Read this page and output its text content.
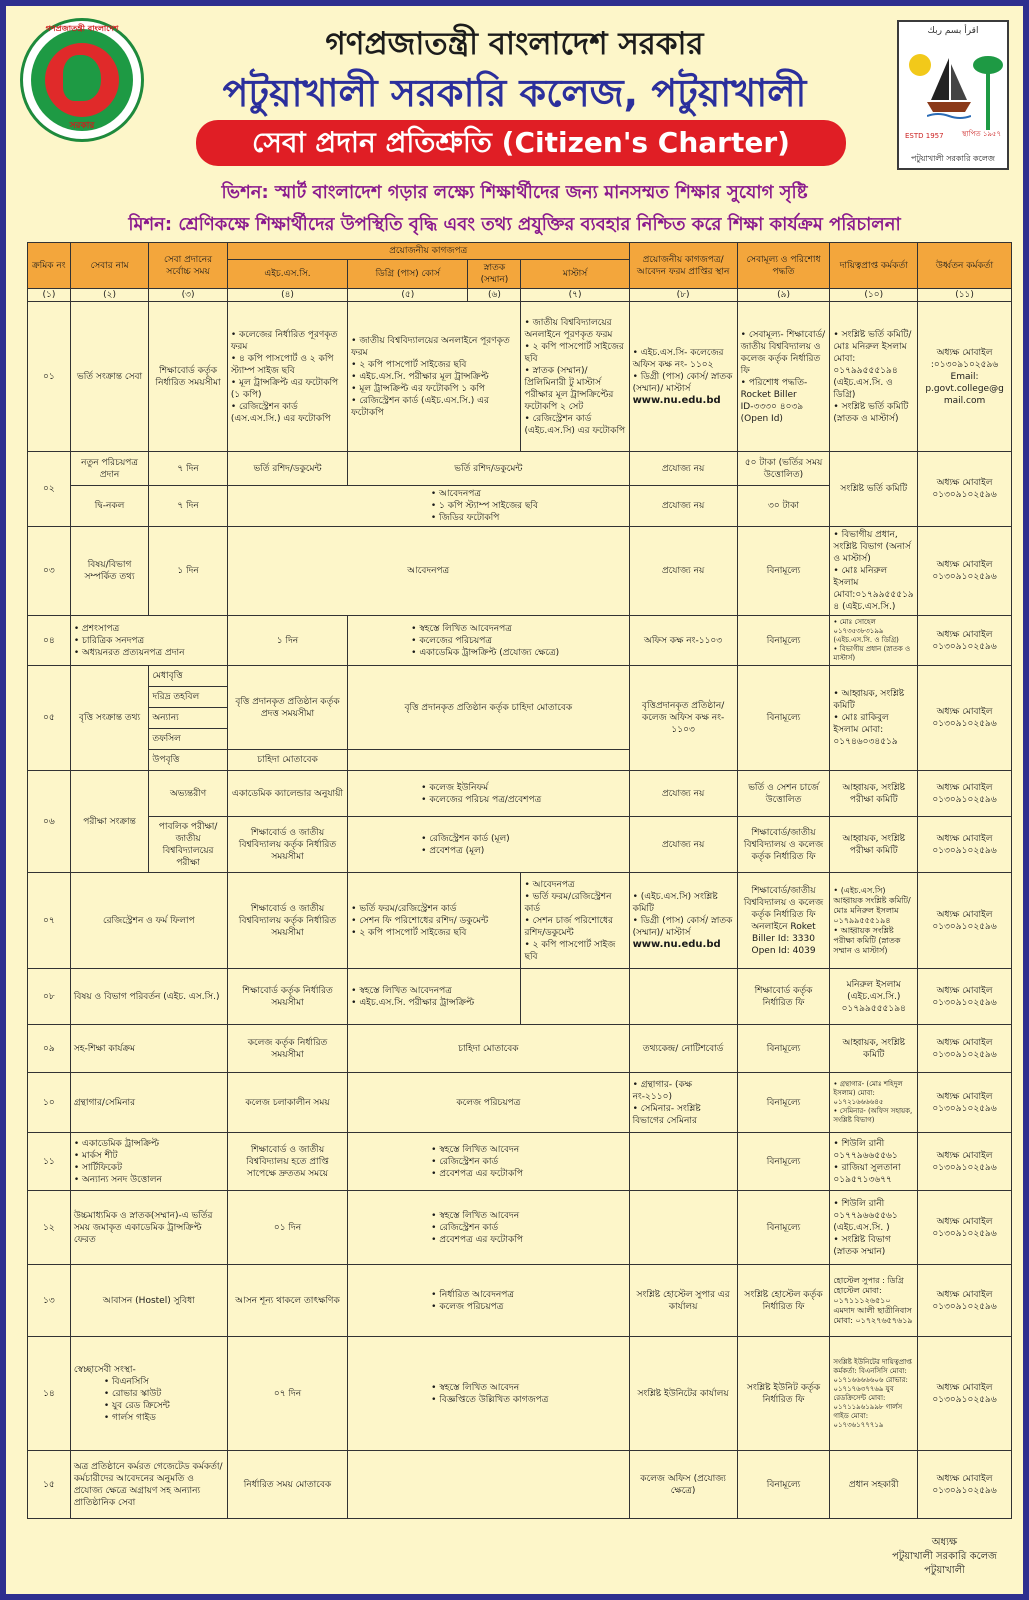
গণপ্রজাতন্ত্রী বাংলাদেশ
সরকার
اقرأ بسم ربك
ESTD 1957	স্থাপিত ১৯৫৭
পটুয়াখালী সরকারি কলেজ
গণপ্রজাতন্ত্রী বাংলাদেশ সরকার
পটুয়াখালী সরকারি কলেজ, পটুয়াখালী
সেবা প্রদান প্রতিশ্রুতি (Citizen's Charter)
ভিশন: স্মার্ট বাংলাদেশ গড়ার লক্ষ্যে শিক্ষার্থীদের জন্য মানসম্মত শিক্ষার সুযোগ সৃষ্টি
মিশন: শ্রেণিকক্ষে শিক্ষার্থীদের উপস্থিতি বৃদ্ধি এবং তথ্য প্রযুক্তির ব্যবহার নিশ্চিত করে শিক্ষা কার্যক্রম পরিচালনা
ক্রমিক নং	সেবার নাম	সেবা প্রদানের সর্বোচ্চ সময়	প্রয়োজনীয় কাগজপত্র				প্রয়োজনীয় কাগজপত্র/ আবেদন ফরম প্রাপ্তির স্থান	সেবামূল্য ও পরিশোধ পদ্ধতি	দায়িত্বপ্রাপ্ত কর্মকর্তা	উর্ধ্বতন কর্মকর্তা
			এইচ.এস.সি.	ডিগ্রি (পাস) কোর্স	স্নাতক (সম্মান)	মাস্টার্স				
(১)	(২)	(৩)	(৪)	(৫)	(৬)	(৭)	(৮)	(৯)	(১০)	(১১)
০১	ভর্তি সংক্রান্ত সেবা	শিক্ষাবোর্ড কর্তৃক নির্ধারিত সময়সীমা	• কলেজের নির্ধারিত পূরণকৃত ফরম
• ৪ কপি পাসপোর্ট ও ২ কপি স্ট্যাম্প সাইজ ছবি
• মূল ট্রান্সক্রিপ্ট এর ফটোকপি (১ কপি)
• রেজিস্ট্রেশন কার্ড (এস.এস.সি.) এর ফটোকপি	• জাতীয় বিশ্ববিদ্যালয়ের অনলাইনে পূরণকৃত ফরম
• ২ কপি পাসপোর্ট সাইজের ছবি
• এইচ.এস.সি. পরীক্ষার মূল ট্রান্সক্রিপ্ট
• মূল ট্রান্সক্রিপ্ট এর ফটোকপি ১ কপি
• রেজিস্ট্রেশন কার্ড (এইচ.এস.সি.) এর ফটোকপি		• জাতীয় বিশ্ববিদ্যালয়ের অনলাইনে পূরণকৃত ফরম
• ২ কপি পাসপোর্ট সাইজের ছবি
• স্নাতক (সম্মান)/ প্রিলিমিনারী টু মাস্টার্স পরীক্ষার মূল ট্রান্সক্রিপ্টের ফটোকপি ২ সেট
• রেজিস্ট্রেশন কার্ড (এইচ.এস.সি) এর ফটোকপি	• এইচ.এস.সি- কলেজের অফিস কক্ষ নং- ১১০২
• ডিগ্রী (পাস) কোর্স/ স্নাতক (সম্মান)/ মাস্টার্স
www.nu.edu.bd	• সেবামূল্য- শিক্ষাবোর্ড/ জাতীয় বিশ্ববিদ্যালয় ও কলেজ কর্তৃক নির্ধারিত ফি
• পরিশোধ পদ্ধতি- Rocket Biller ID-৩৩৩০ ৪০৩৯ (Open Id)	• সংশ্লিষ্ট ভর্তি কমিটি/ মোঃ মনিরুল ইসলাম মোবা: ০১৭৯৯৫৫৫১৯৪ (এইচ.এস.সি. ও ডিগ্রি)
• সংশ্লিষ্ট ভর্তি কমিটি (স্নাতক ও মাস্টার্স)	অধ্যক্ষ মোবাইল :০১৩০৯১০২৫৯৬ Email: p.govt.college@gmail.com
০২	নতুন পরিচয়পত্র প্রদান	৭ দিন	ভর্তি রশিদ/ডকুমেন্ট	ভর্তি রশিদ/ডকুমেন্ট			প্রযোজ্য নয়	৫০ টাকা (ভর্তির সময় উত্তোলিত)	সংশ্লিষ্ট ভর্তি কমিটি	অধ্যক্ষ মোবাইল ০১৩০৯১০২৫৯৬
	দ্বি-নকল	৭ দিন	• আবেদনপত্র
• ১ কপি স্ট্যাম্প সাইজের ছবি
• জিডির ফটোকপি				প্রযোজ্য নয়	৩০ টাকা		
০৩	বিষয়/বিভাগ সম্পর্কিত তথ্য	১ দিন	আবেদনপত্র				প্রযোজ্য নয়	বিনামূল্যে	• বিভাগীয় প্রধান, সংশ্লিষ্ট বিভাগ (অনার্স ও মাস্টার্স)
• মোঃ মনিরুল ইসলাম মোবা:০১৭৯৯৫৫৫১৯৪ (এইচ.এস.সি.)	অধ্যক্ষ মোবাইল ০১৩০৯১০২৫৯৬
০৪	• প্রশংসাপত্র
• চারিত্রিক সনদপত্র
• অধ্যয়নরত প্রত্যয়নপত্র প্রদান		১ দিন	• স্বহস্তে লিখিত আবেদনপত্র
• কলেজের পরিচয়পত্র
• একাডেমিক ট্রান্সক্রিপ্ট (প্রযোজ্য ক্ষেত্রে)			অফিস কক্ষ নং-১১০৩	বিনামূল্যে	• মোঃ সোহেল ০১৭৩৫৩৮৩১৯৯ (এইচ.এস.সি. ও ডিগ্রি)
• বিভাগীয় প্রধান (স্নাতক ও মাস্টার্স)	অধ্যক্ষ মোবাইল ০১৩০৯১০২৫৯৬
০৫	বৃত্তি সংক্রান্ত তথ্য	মেধাবৃত্তি	বৃত্তি প্রদানকৃত প্রতিষ্ঠান কর্তৃক প্রদত্ত সময়সীমা	বৃত্তি প্রদানকৃত প্রতিষ্ঠান কর্তৃক চাহিদা মোতাবেক			বৃত্তিপ্রদানকৃত প্রতিষ্ঠান/ কলেজ অফিস কক্ষ নং- ১১০৩	বিনামূল্যে	• আহ্বায়ক, সংশ্লিষ্ট কমিটি
• মোঃ রাকিবুল ইসলাম মোবা: ০১৭৪৬০৩৪৫১৯	অধ্যক্ষ মোবাইল ০১৩০৯১০২৫৯৬
		দরিদ্র তহবিল								
		অন্যান্য								
		তফসিল								
		উপবৃত্তি	চাহিদা মোতাবেক							
০৬	পরীক্ষা সংক্রান্ত	অভ্যন্তরীণ	একাডেমিক ক্যালেন্ডার অনুযায়ী	• কলেজ ইউনিফর্ম
• কলেজের পরিচয় পত্র/প্রবেশপত্র			প্রযোজ্য নয়	ভর্তি ও সেশন চার্জে উত্তোলিত	আহ্বায়ক, সংশ্লিষ্ট পরীক্ষা কমিটি	অধ্যক্ষ মোবাইল ০১৩০৯১০২৫৯৬
		পাবলিক পরীক্ষা/জাতীয় বিশ্ববিদ্যালয়ের পরীক্ষা	শিক্ষাবোর্ড ও জাতীয় বিশ্ববিদ্যালয় কর্তৃক নির্ধারিত সময়সীমা	• রেজিস্ট্রেশন কার্ড (মূল)
• প্রবেশপত্র (মূল)			প্রযোজ্য নয়	শিক্ষাবোর্ড/জাতীয় বিশ্ববিদ্যালয় ও কলেজ কর্তৃক নির্ধারিত ফি	আহ্বায়ক, সংশ্লিষ্ট পরীক্ষা কমিটি	অধ্যক্ষ মোবাইল ০১৩০৯১০২৫৯৬
০৭	রেজিস্ট্রেশন ও ফর্ম ফিলাপ		শিক্ষাবোর্ড ও জাতীয় বিশ্ববিদ্যালয় কর্তৃক নির্ধারিত সময়সীমা	• ভর্তি ফরম/রেজিস্ট্রেশন কার্ড
• সেশন ফি পরিশোধের রশিদ/ ডকুমেন্ট
• ২ কপি পাসপোর্ট সাইজের ছবি		• আবেদনপত্র
• ভর্তি ফরম/রেজিস্ট্রেশন কার্ড
• সেশন চার্জ পরিশোধের রশিদ/ডকুমেন্ট
• ২ কপি পাসপোর্ট সাইজ ছবি	• (এইচ.এস.সি) সংশ্লিষ্ট কমিটি
• ডিগ্রী (পাস) কোর্স/ স্নাতক (সম্মান)/ মাস্টার্স
www.nu.edu.bd	শিক্ষাবোর্ড/জাতীয় বিশ্ববিদ্যালয় ও কলেজ কর্তৃক নির্ধারিত ফি অনলাইনে Roket Biller Id: 3330 Open Id: 4039	• (এইচ.এস.সি) আহ্বায়ক সংশ্লিষ্ট কমিটি/ মোঃ মনিরুল ইসলাম ০১৭৯৯৫৫৫১৯৪
• আহ্বায়ক সংশ্লিষ্ট পরীক্ষা কমিটি (স্নাতক সম্মান ও মাস্টার্স)	অধ্যক্ষ মোবাইল ০১৩০৯১০২৫৯৬
০৮	বিষয় ও বিভাগ পরিবর্তন (এইচ. এস.সি.)		শিক্ষাবোর্ড কর্তৃক নির্ধারিত সময়সীমা	• স্বহস্তে লিখিত আবেদনপত্র
• এইচ.এস.সি. পরীক্ষার ট্রান্সক্রিপ্ট				শিক্ষাবোর্ড কর্তৃক নির্ধারিত ফি	মনিরুল ইসলাম (এইচ.এস.সি.) ০১৭৯৯৫৫৫১৯৪	অধ্যক্ষ মোবাইল ০১৩০৯১০২৫৯৬
০৯	সহ-শিক্ষা কার্যক্রম		কলেজ কর্তৃক নির্ধারিত সময়সীমা	চাহিদা মোতাবেক			তথ্যকেন্দ্র/ নোটিশবোর্ড	বিনামূল্যে	আহ্বায়ক, সংশ্লিষ্ট কমিটি	অধ্যক্ষ মোবাইল ০১৩০৯১০২৫৯৬
১০	গ্রন্থাগার/সেমিনার		কলেজ চলাকালীন সময়	কলেজ পরিচয়পত্র			• গ্রন্থাগার- (কক্ষ নং-২১১০)
• সেমিনার- সংশ্লিষ্ট বিভাগের সেমিনার	বিনামূল্যে	• গ্রন্থাগার- (মোঃ শহিদুল ইসলাম) মোবা: ০১৭২১৬৬৬৬৪৫
• সেমিনার- (অফিস সহায়ক, সংশ্লিষ্ট বিভাগ)	অধ্যক্ষ মোবাইল ০১৩০৯১০২৫৯৬
১১	• একাডেমিক ট্রান্সক্রিপ্ট
• মার্কস শীট
• সার্টিফিকেট
• অন্যান্য সনদ উত্তোলন		শিক্ষাবোর্ড ও জাতীয় বিশ্ববিদ্যালয় হতে প্রাপ্তি সাপেক্ষে দ্রুততম সময়ে	• স্বহস্তে লিখিত আবেদন
• রেজিস্ট্রেশন কার্ড
• প্রবেশপত্র এর ফটোকপি				বিনামূল্যে	• শিউলি রানী ০১৭৭৯৬৬৫৫৬১
• রাজিয়া সুলতানা ০১৯৫৭১৩৬৭৭	অধ্যক্ষ মোবাইল ০১৩০৯১০২৫৯৬
১২	উচ্চমাধ্যমিক ও স্নাতক(সম্মান)-এ ভর্তির সময় জমাকৃত একাডেমিক ট্রান্সক্রিপ্ট ফেরত		০১ দিন	• স্বহস্তে লিখিত আবেদন
• রেজিস্ট্রেশন কার্ড
• প্রবেশপত্র এর ফটোকপি				বিনামূল্যে	• শিউলি রানী ০১৭৭৯৬৬৫৫৬১ (এইচ.এস.সি. )
• সংশ্লিষ্ট বিভাগ (স্নাতক সম্মান)	অধ্যক্ষ মোবাইল ০১৩০৯১০২৫৯৬
১৩	আবাসন (Hostel) সুবিধা		আসন শূন্য থাকলে তাৎক্ষণিক	• নির্ধারিত আবেদনপত্র
• কলেজ পরিচয়পত্র			সংশ্লিষ্ট হোস্টেল সুপার এর কার্যালয়	সংশ্লিষ্ট হোস্টেল কর্তৃক নির্ধারিত ফি	হোস্টেল সুপার : ডিগ্রি হোস্টেল মোবা: ০১৭১১১২৬৫১০ এমদাদ আলী ছাত্রীনিবাস মোবা: ০১৭২৭৬৫৭৬১৯	অধ্যক্ষ মোবাইল ০১৩০৯১০২৫৯৬
১৪	স্বেচ্ছাসেবী সংস্থা-
• বিএনসিসি
• রোভার স্কাউট
• যুব রেড ক্রিসেন্ট
• গার্লস গাইড		০৭ দিন	• স্বহস্তে লিখিত আবেদন
• বিজ্ঞপ্তিতে উল্লিখিত কাগজপত্র			সংশ্লিষ্ট ইউনিটের কার্যালয়	সংশ্লিষ্ট ইউনিট কর্তৃক নির্ধারিত ফি	সংশ্লিষ্ট ইউনিটের দায়িত্বপ্রাপ্ত কর্মকর্তা: বিএনসিসি মোবা: ০১৭১৬৬৬৬৬০৬ রোভার: ০১৭১৭৬৩৭৭৬৯ যুব রেডক্রিসেন্ট মোবা: ০১৭১১৯৬১৯৯৮ গার্লস গাইড মোবা: ০১৭৩৬১৭৭৭১৯	অধ্যক্ষ মোবাইল ০১৩০৯১০২৫৯৬
১৫	অত্র প্রতিষ্ঠানে কর্মরত গেজেটেড কর্মকর্তা/কর্মচারীদের আবেদনের অনুমতি ও প্রযোজ্য ক্ষেত্রে অগ্রায়ণ সহ অন্যান্য প্রাতিষ্ঠানিক সেবা		নির্ধারিত সময় মোতাবেক				কলেজ অফিস (প্রযোজ্য ক্ষেত্রে)	বিনামূল্যে	প্রধান সহকারী	অধ্যক্ষ মোবাইল ০১৩০৯১০২৫৯৬
অধ্যক্ষ
পটুয়াখালী সরকারি কলেজ
পটুয়াখালী
